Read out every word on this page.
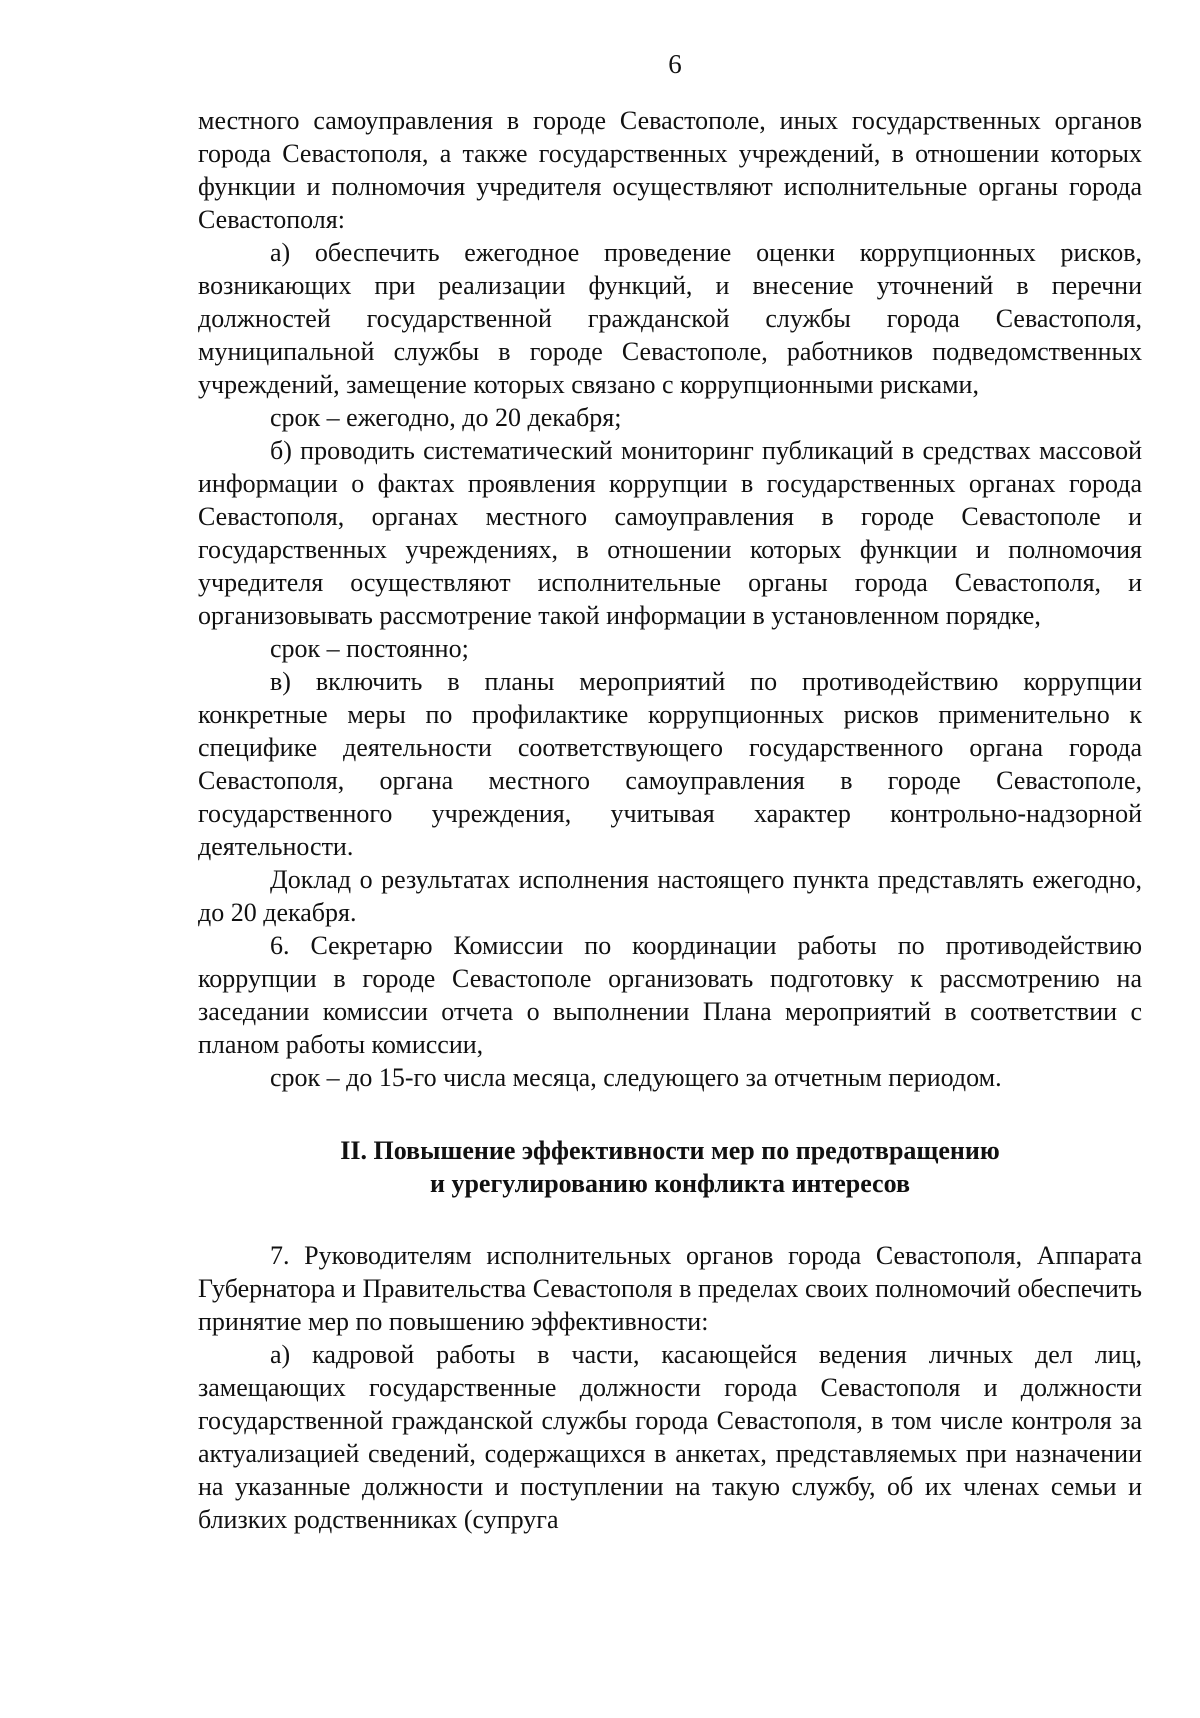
6

местного самоуправления в городе Севастополе, иных государственных органов города Севастополя, а также государственных учреждений, в отношении которых функции и полномочия учредителя осуществляют исполнительные органы города Севастополя:

а) обеспечить ежегодное проведение оценки коррупционных рисков, возникающих при реализации функций, и внесение уточнений в перечни должностей государственной гражданской службы города Севастополя, муниципальной службы в городе Севастополе, работников подведомственных учреждений, замещение которых связано с коррупционными рисками,

срок – ежегодно, до 20 декабря;

б) проводить систематический мониторинг публикаций в средствах массовой информации о фактах проявления коррупции в государственных органах города Севастополя, органах местного самоуправления в городе Севастополе и государственных учреждениях, в отношении которых функции и полномочия учредителя осуществляют исполнительные органы города Севастополя, и организовывать рассмотрение такой информации в установленном порядке,

срок – постоянно;

в) включить в планы мероприятий по противодействию коррупции конкретные меры по профилактике коррупционных рисков применительно к специфике деятельности соответствующего государственного органа города Севастополя, органа местного самоуправления в городе Севастополе, государственного учреждения, учитывая характер контрольно-надзорной деятельности.

Доклад о результатах исполнения настоящего пункта представлять ежегодно, до 20 декабря.

6. Секретарю Комиссии по координации работы по противодействию коррупции в городе Севастополе организовать подготовку к рассмотрению на заседании комиссии отчета о выполнении Плана мероприятий в соответствии с планом работы комиссии,

срок – до 15-го числа месяца, следующего за отчетным периодом.

II. Повышение эффективности мер по предотвращению
и урегулированию конфликта интересов

7. Руководителям исполнительных органов города Севастополя, Аппарата Губернатора и Правительства Севастополя в пределах своих полномочий обеспечить принятие мер по повышению эффективности:

а) кадровой работы в части, касающейся ведения личных дел лиц, замещающих государственные должности города Севастополя и должности государственной гражданской службы города Севастополя, в том числе контроля за актуализацией сведений, содержащихся в анкетах, представляемых при назначении на указанные должности и поступлении на такую службу, об их членах семьи и близких родственниках (супруга
